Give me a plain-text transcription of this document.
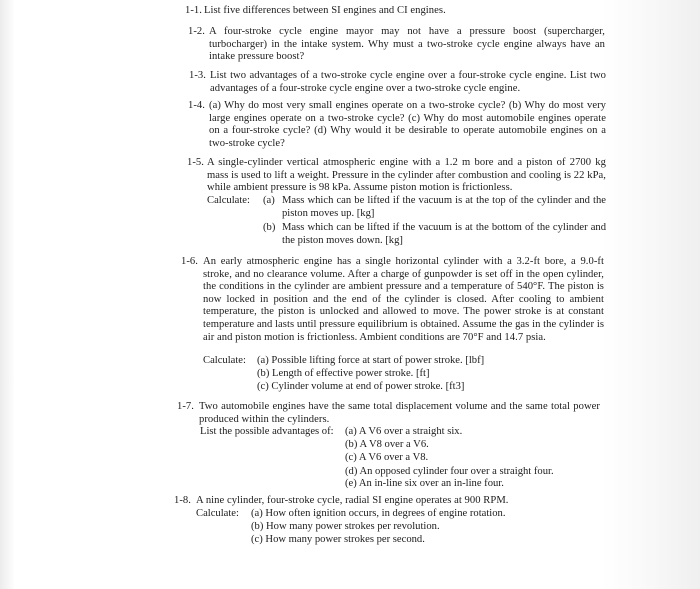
1-1. List five differences between SI engines and CI engines.
1-2. A four-stroke cycle engine mayor may not have a pressure boost (supercharger, turbocharger) in the intake system. Why must a two-stroke cycle engine always have an intake pressure boost?
1-3. List two advantages of a two-stroke cycle engine over a four-stroke cycle engine. List two advantages of a four-stroke cycle engine over a two-stroke cycle engine.
1-4. (a) Why do most very small engines operate on a two-stroke cycle? (b) Why do most very large engines operate on a two-stroke cycle? (c) Why do most automobile engines operate on a four-stroke cycle? (d) Why would it be desirable to operate automobile engines on a two-stroke cycle?
1-5. A single-cylinder vertical atmospheric engine with a 1.2 m bore and a piston of 2700 kg mass is used to lift a weight. Pressure in the cylinder after combustion and cooling is 22 kPa, while ambient pressure is 98 kPa. Assume piston motion is frictionless.
Calculate: (a) Mass which can be lifted if the vacuum is at the top of the cylinder and the piston moves up. [kg]
(b) Mass which can be lifted if the vacuum is at the bottom of the cylinder and the piston moves down. [kg]
1-6. An early atmospheric engine has a single horizontal cylinder with a 3.2-ft bore, a 9.0-ft stroke, and no clearance volume. After a charge of gunpowder is set off in the open cylinder, the conditions in the cylinder are ambient pressure and a temperature of 540°F. The piston is now locked in position and the end of the cylinder is closed. After cooling to ambient temperature, the piston is unlocked and allowed to move. The power stroke is at constant temperature and lasts until pressure equilibrium is obtained. Assume the gas in the cylinder is air and piston motion is frictionless. Ambient conditions are 70°F and 14.7 psia.
Calculate: (a) Possible lifting force at start of power stroke. [lbf]
(b) Length of effective power stroke. [ft]
(c) Cylinder volume at end of power stroke. [ft3]
1-7. Two automobile engines have the same total displacement volume and the same total power produced within the cylinders.
List the possible advantages of: (a) A V6 over a straight six.
(b) A V8 over a V6.
(c) A V6 over a V8.
(d) An opposed cylinder four over a straight four.
(e) An in-line six over an in-line four.
1-8. A nine cylinder, four-stroke cycle, radial SI engine operates at 900 RPM.
Calculate: (a) How often ignition occurs, in degrees of engine rotation.
(b) How many power strokes per revolution.
(c) How many power strokes per second.
